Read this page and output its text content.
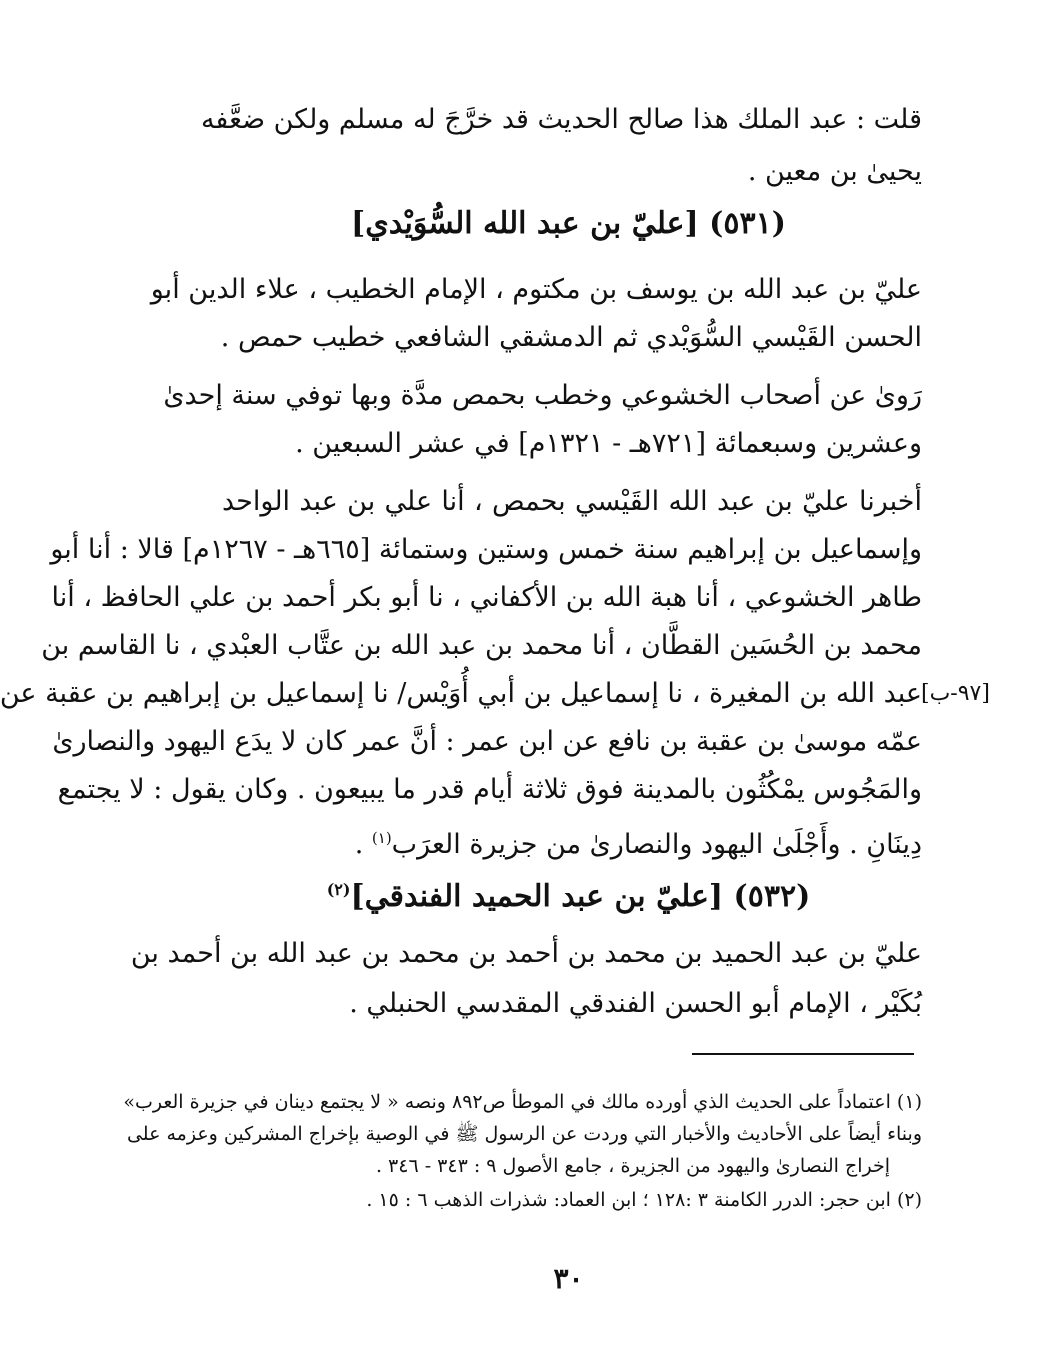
قلت : عبد الملك هذا صالح الحديث قد خرَّجَ له مسلم ولكن ضعَّفه
يحيىٰ بن معين .
(٥٣١) [عليّ بن عبد الله السُّوَيْدي]
عليّ بن عبد الله بن يوسف بن مكتوم ، الإمام الخطيب ، علاء الدين أبو
الحسن القَيْسي السُّوَيْدي ثم الدمشقي الشافعي خطيب حمص .
رَوىٰ عن أصحاب الخشوعي وخطب بحمص مدَّة وبها توفي سنة إحدىٰ
وعشرين وسبعمائة [٧٢١هـ - ١٣٢١م] في عشر السبعين .
أخبرنا عليّ بن عبد الله القَيْسي بحمص ، أنا علي بن عبد الواحد
وإسماعيل بن إبراهيم سنة خمس وستين وستمائة [٦٦٥هـ - ١٢٦٧م] قالا : أنا أبو
طاهر الخشوعي ، أنا هبة الله بن الأكفاني ، نا أبو بكر أحمد بن علي الحافظ ، أنا
محمد بن الحُسَين القطَّان ، أنا محمد بن عبد الله بن عتَّاب العبْدي ، نا القاسم بن
عبد الله بن المغيرة ، نا إسماعيل بن أبي أُوَيْس/ نا إسماعيل بن إبراهيم بن عقبة عن [٩٧-ب]
عمّه موسىٰ بن عقبة بن نافع عن ابن عمر : أنَّ عمر كان لا يدَع اليهود والنصارىٰ
والمَجُوس يمْكُثُون بالمدينة فوق ثلاثة أيام قدر ما يبيعون . وكان يقول : لا يجتمع
دِينَانِ . وأَجْلَىٰ اليهود والنصارىٰ من جزيرة العرَب$^{(١)}$ .
(٥٣٢) [عليّ بن عبد الحميد الفندقي]$^{(٢)}$
عليّ بن عبد الحميد بن محمد بن أحمد بن محمد بن عبد الله بن أحمد بن
بُكَيْر ، الإمام أبو الحسن الفندقي المقدسي الحنبلي .
(١) اعتماداً على الحديث الذي أورده مالك في الموطأ ص٨٩٢ ونصه « لا يجتمع دينان في جزيرة العرب»
وبناء أيضاً على الأحاديث والأخبار التي وردت عن الرسول ﷺ في الوصية بإخراج المشركين وعزمه على
إخراج النصارىٰ واليهود من الجزيرة ، جامع الأصول ٩ : ٣٤٣ - ٣٤٦ .
(٢) ابن حجر: الدرر الكامنة ٣ :١٢٨ ؛ ابن العماد: شذرات الذهب ٦ : ١٥ .
٣٠
